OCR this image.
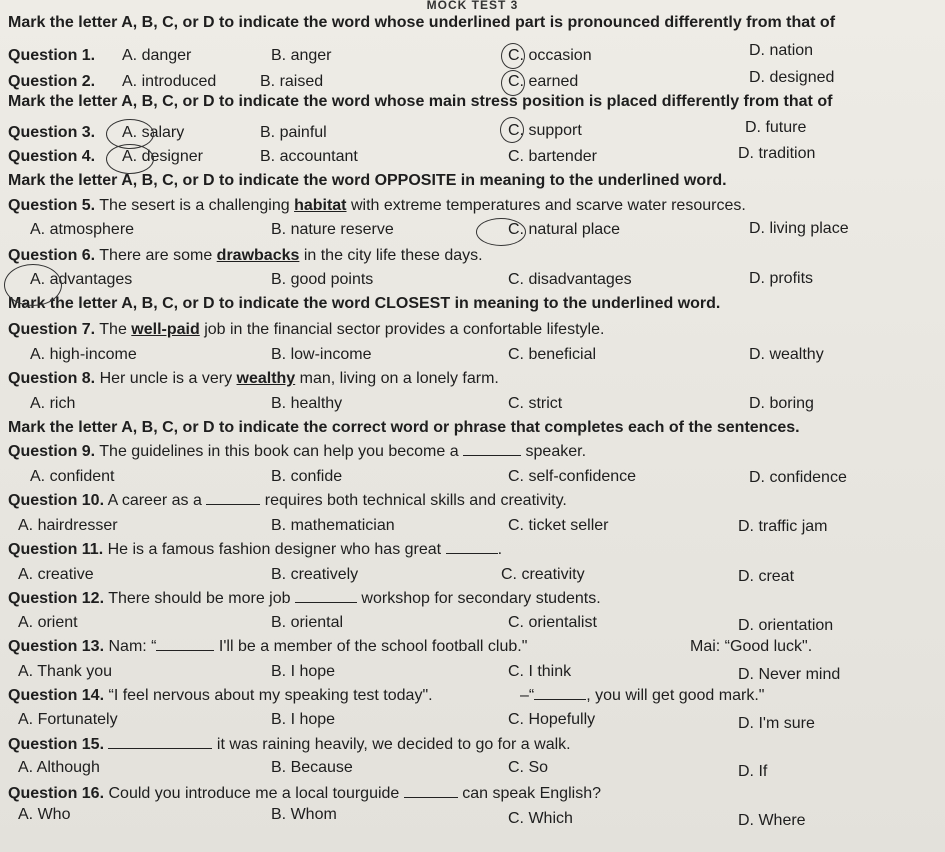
MOCK TEST 3
Mark the letter A, B, C, or D to indicate the word whose underlined part is pronounced differently from that of
Question 1. A. danger	B. anger	C. occasion	D. nation
Question 2. A. introduced	B. raised	C. earned	D. designed
Mark the letter A, B, C, or D to indicate the word whose main stress position is placed differently from that of
Question 3. A. salary	B. painful	C. support	D. future
Question 4. A. designer	B. accountant	C. bartender	D. tradition
Mark the letter A, B, C, or D to indicate the word OPPOSITE in meaning to the underlined word.
Question 5. The sesert is a challenging habitat with extreme temperatures and scarve water resources.
A. atmosphere	B. nature reserve	C. natural place	D. living place
Question 6. There are some drawbacks in the city life these days.
A. advantages	B. good points	C. disadvantages	D. profits
Mark the letter A, B, C, or D to indicate the word CLOSEST in meaning to the underlined word.
Question 7. The well-paid job in the financial sector provides a confortable lifestyle.
A. high-income	B. low-income	C. beneficial	D. wealthy
Question 8. Her uncle is a very wealthy man, living on a lonely farm.
A. rich	B. healthy	C. strict	D. boring
Mark the letter A, B, C, or D to indicate the correct word or phrase that completes each of the sentences.
Question 9. The guidelines in this book can help you become a	speaker.
A. confident	B. confide	C. self-confidence	D. confidence
Question 10. A career as a	requires both technical skills and creativity.
A. hairdresser	B. mathematician	C. ticket seller	D. traffic jam
Question 11. He is a famous fashion designer who has great	.
A. creative	B. creatively	C. creativity	D. creat
Question 12. There should be more job	workshop for secondary students.
A. orient	B. oriental	C. orientalist	D. orientation
Question 13. Nam: “	I'll be a member of the school football club."	Mai: “Good luck".
A. Thank you	B. I hope	C. I think	D. Never mind
Question 14. “I feel nervous about my speaking test today".	–“	, you will get good mark."
A. Fortunately	B. I hope	C. Hopefully	D. I'm sure
Question 15.	it was raining heavily, we decided to go for a walk.
A. Although	B. Because	C. So	D. If
Question 16. Could you introduce me a local tourguide	can speak English?
A. Who	B. Whom	C. Which	D. Where
